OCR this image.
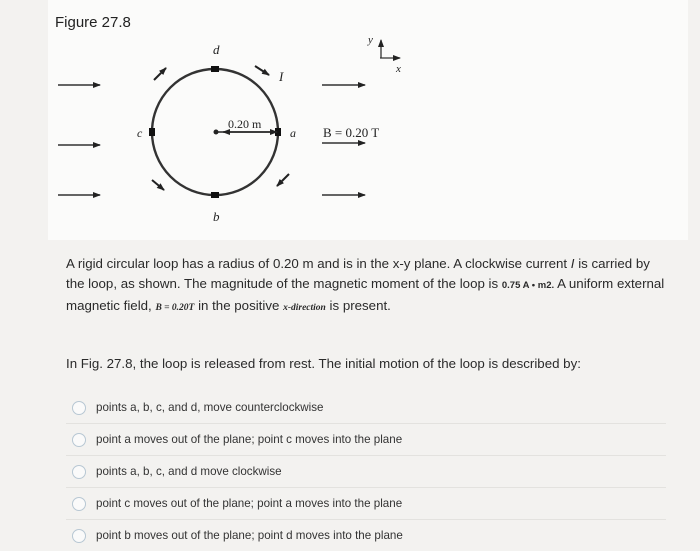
Figure 27.8
d
b
c	a
I
0.20 m
B = 0.20 T
y
x
A rigid circular loop has a radius of 0.20 m and is in the x-y plane. A clockwise current I is carried by the loop, as shown. The magnitude of the magnetic moment of the loop is 0.75 A • m2. A uniform external magnetic field, B = 0.20T in the positive x-direction is present.
In Fig. 27.8, the loop is released from rest. The initial motion of the loop is described by:
points a, b, c, and d, move counterclockwise
point a moves out of the plane; point c moves into the plane
points a, b, c, and d move clockwise
point c moves out of the plane; point a moves into the plane
point b moves out of the plane; point d moves into the plane
